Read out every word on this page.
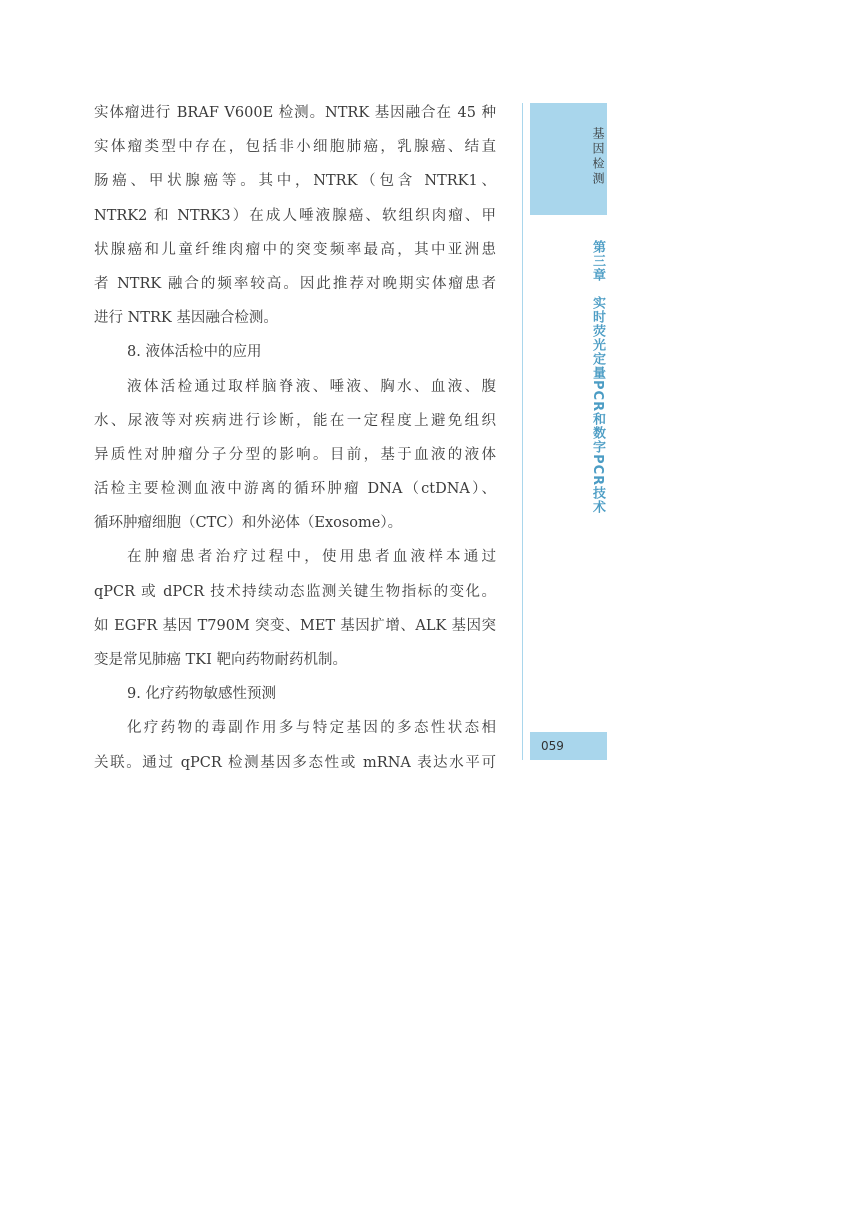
实体瘤进行 BRAF V600E 检测。NTRK 基因融合在 45 种
实体瘤类型中存在，包括非小细胞肺癌，乳腺癌、结直
肠癌、甲状腺癌等。其中，NTRK（包含 NTRK1、
NTRK2 和 NTRK3）在成人唾液腺癌、软组织肉瘤、甲
状腺癌和儿童纤维肉瘤中的突变频率最高，其中亚洲患
者 NTRK 融合的频率较高。因此推荐对晚期实体瘤患者
进行 NTRK 基因融合检测。
8. 液体活检中的应用
液体活检通过取样脑脊液、唾液、胸水、血液、腹
水、尿液等对疾病进行诊断，能在一定程度上避免组织
异质性对肿瘤分子分型的影响。目前，基于血液的液体
活检主要检测血液中游离的循环肿瘤 DNA（ctDNA）、
循环肿瘤细胞（CTC）和外泌体（Exosome）。
在肿瘤患者治疗过程中，使用患者血液样本通过
qPCR 或 dPCR 技术持续动态监测关键生物指标的变化。
如 EGFR 基因 T790M 突变、MET 基因扩增、ALK 基因突
变是常见肺癌 TKI 靶向药物耐药机制。
9. 化疗药物敏感性预测
化疗药物的毒副作用多与特定基因的多态性状态相
关联。通过 qPCR 检测基因多态性或 mRNA 表达水平可
基因检测
第三章　实时荧光定量PCR和数字PCR技术
059
